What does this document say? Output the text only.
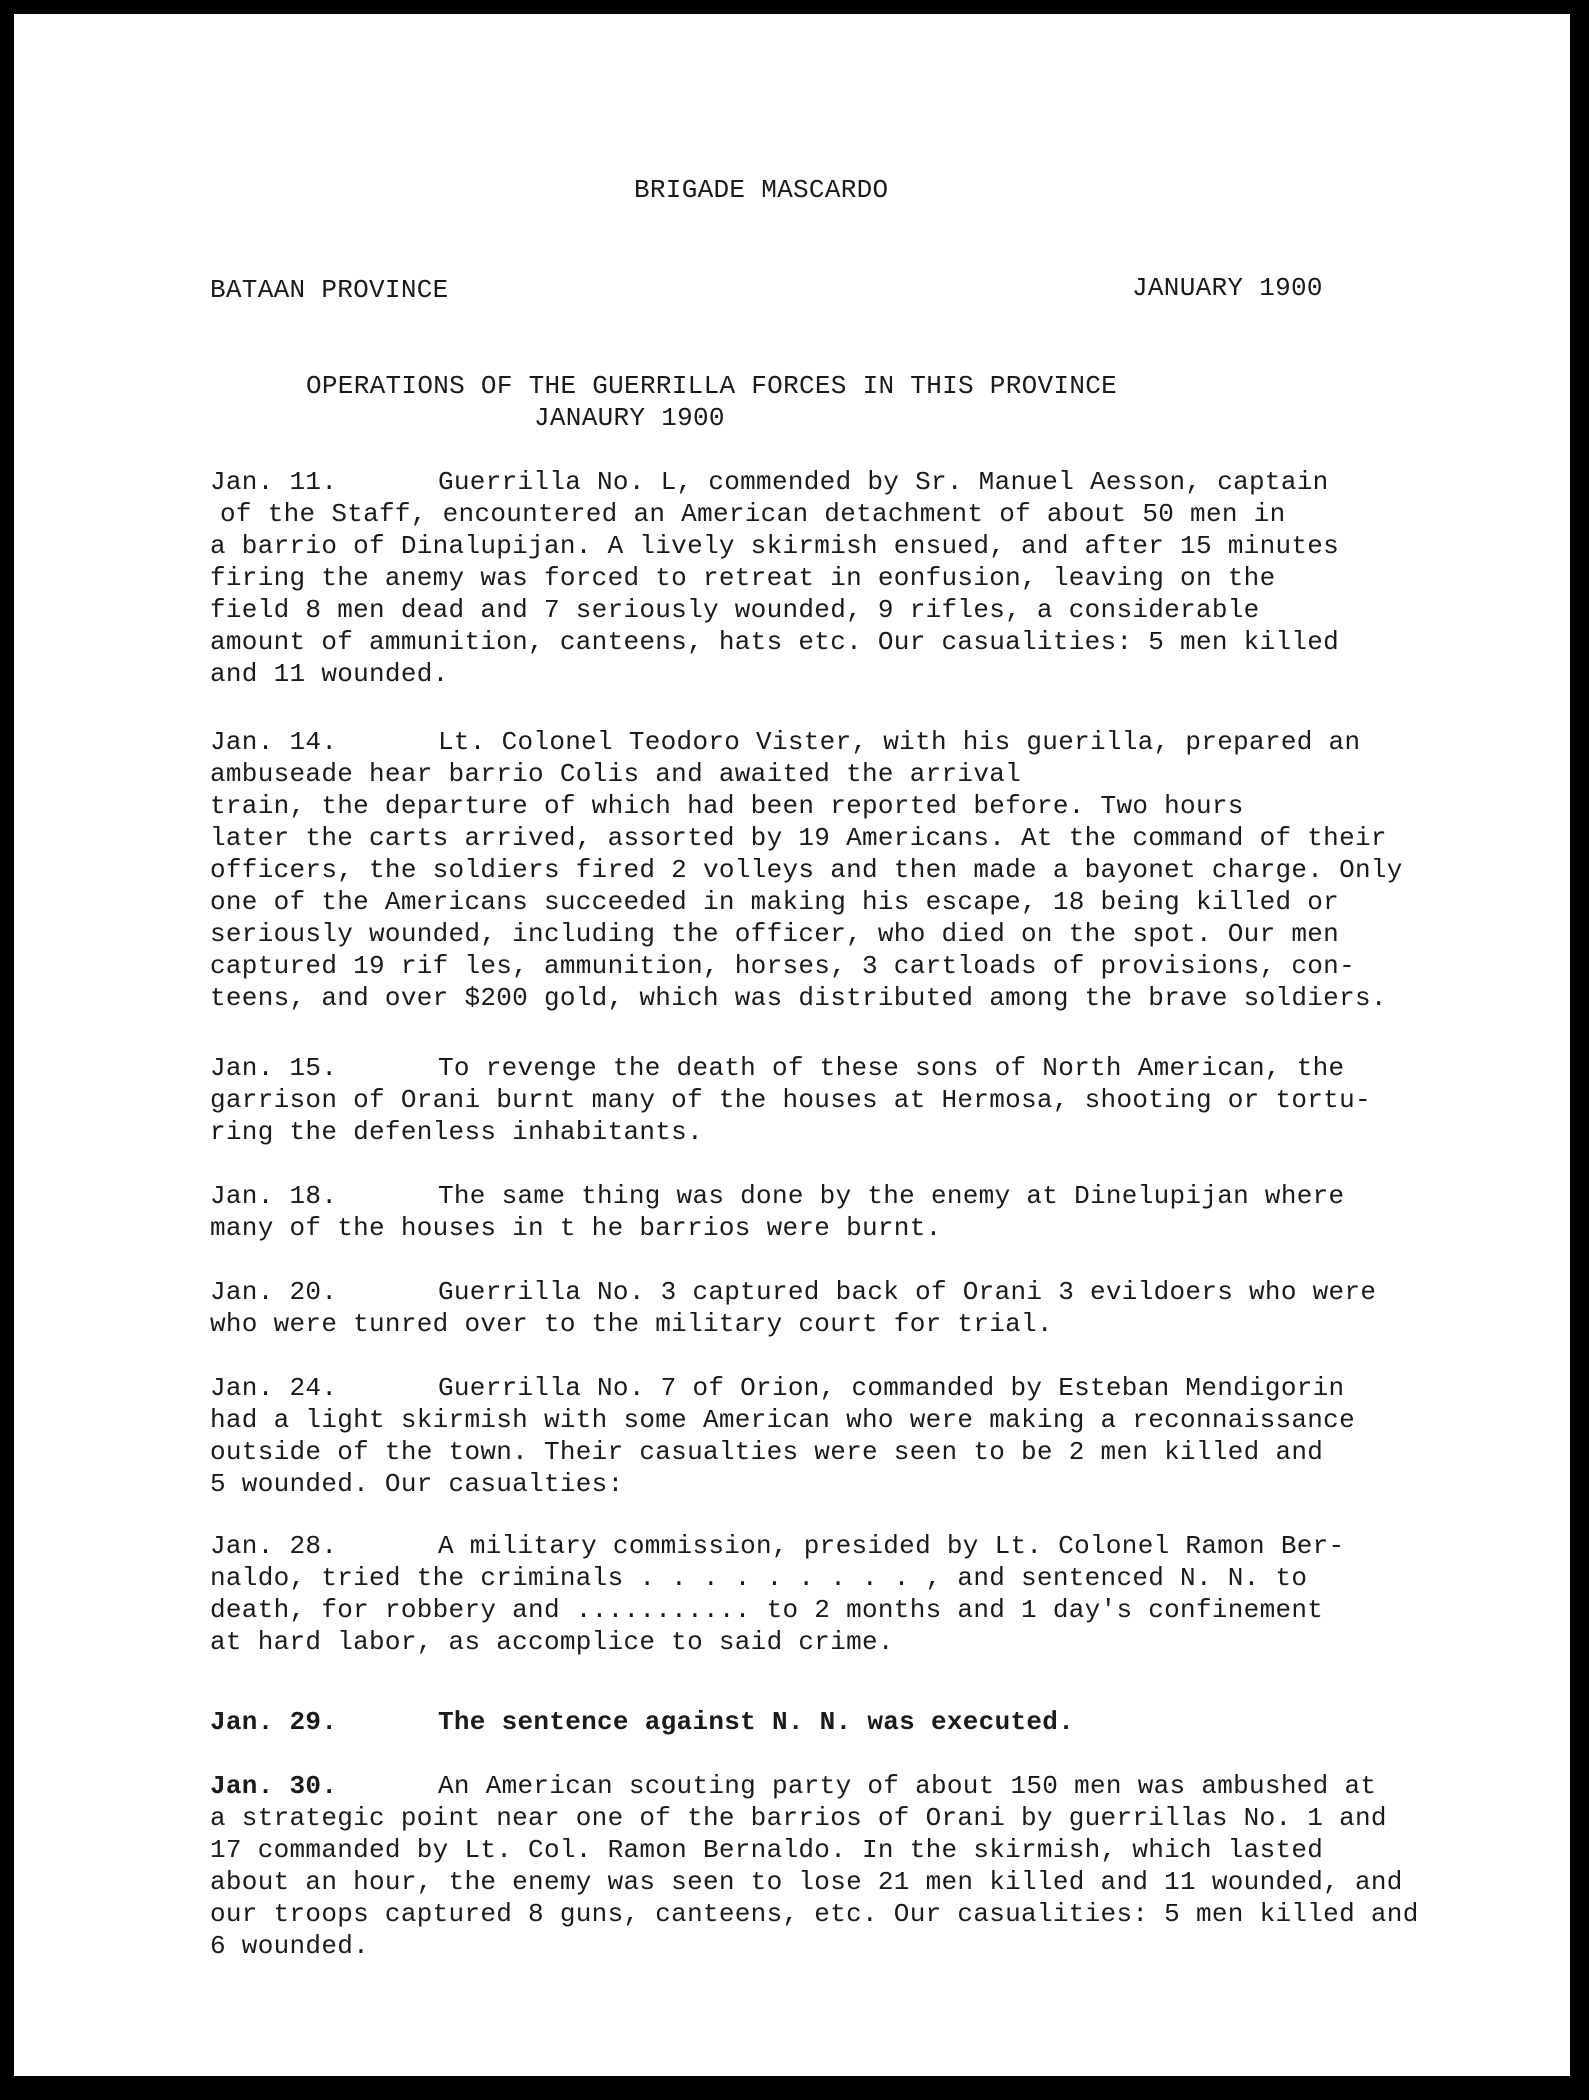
BRIGADE MASCARDO
BATAAN PROVINCE	JANUARY 1900
OPERATIONS OF THE GUERRILLA FORCES IN THIS PROVINCE
JANAURY 1900
Jan. 11.	Guerrilla No. L, commended by Sr. Manuel Aesson, captain
of the Staff, encountered an American detachment of about 50 men in
a barrio of Dinalupijan. A lively skirmish ensued, and after 15 minutes
firing the anemy was forced to retreat in eonfusion, leaving on the
field 8 men dead and 7 seriously wounded, 9 rifles, a considerable
amount of ammunition, canteens, hats etc. Our casualities: 5 men killed
and 11 wounded.
Jan. 14.	Lt. Colonel Teodoro Vister, with his guerilla, prepared an
ambuseade hear barrio Colis and awaited the arrival
train, the departure of which had been reported before. Two hours
later the carts arrived, assorted by 19 Americans. At the command of their
officers, the soldiers fired 2 volleys and then made a bayonet charge. Only
one of the Americans succeeded in making his escape, 18 being killed or
seriously wounded, including the officer, who died on the spot. Our men
captured 19 rif les, ammunition, horses, 3 cartloads of provisions, con-
teens, and over $200 gold, which was distributed among the brave soldiers.
Jan. 15.	To revenge the death of these sons of North American, the
garrison of Orani burnt many of the houses at Hermosa, shooting or tortu-
ring the defenless inhabitants.
Jan. 18.	The same thing was done by the enemy at Dinelupijan where
many of the houses in t he barrios were burnt.
Jan. 20.	Guerrilla No. 3 captured back of Orani 3 evildoers who were
who were tunred over to the military court for trial.
Jan. 24.	Guerrilla No. 7 of Orion, commanded by Esteban Mendigorin
had a light skirmish with some American who were making a reconnaissance
outside of the town. Their casualties were seen to be 2 men killed and
5 wounded. Our casualties:
Jan. 28.	A military commission, presided by Lt. Colonel Ramon Ber-
naldo, tried the criminals . . . . . . . . . , and sentenced N. N. to
death, for robbery and ........... to 2 months and 1 day's confinement
at hard labor, as accomplice to said crime.
Jan. 29.	The sentence against N. N. was executed.
Jan. 30.	An American scouting party of about 150 men was ambushed at
a strategic point near one of the barrios of Orani by guerrillas No. 1 and
17 commanded by Lt. Col. Ramon Bernaldo. In the skirmish, which lasted
about an hour, the enemy was seen to lose 21 men killed and 11 wounded, and
our troops captured 8 guns, canteens, etc. Our casualities: 5 men killed and
6 wounded.
